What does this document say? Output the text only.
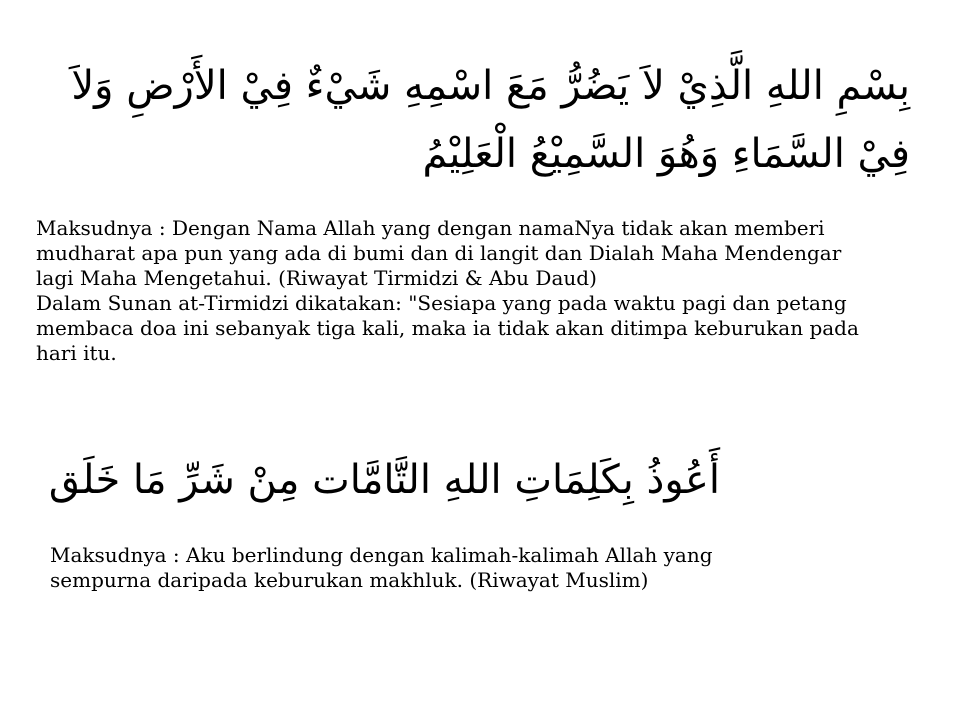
بِسْمِ اللهِ الَّذِيْ لاَ يَضُرُّ مَعَ اسْمِهِ شَيْءٌ فِيْ الأَرْضِ وَلاَ
فِيْ السَّمَاءِ وَهُوَ السَّمِيْعُ الْعَلِيْمُ
Maksudnya : Dengan Nama Allah yang dengan namaNya tidak akan memberi
mudharat apa pun yang ada di bumi dan di langit dan Dialah Maha Mendengar
lagi Maha Mengetahui. (Riwayat Tirmidzi & Abu Daud)
Dalam Sunan at-Tirmidzi dikatakan: "Sesiapa yang pada waktu pagi dan petang
membaca doa ini sebanyak tiga kali, maka ia tidak akan ditimpa keburukan pada
hari itu.
أَعُوذُ بِكَلِمَاتِ اللهِ التَّامَّات مِنْ شَرِّ مَا خَلَق
Maksudnya : Aku berlindung dengan kalimah-kalimah Allah yang
sempurna daripada keburukan makhluk. (Riwayat Muslim)
